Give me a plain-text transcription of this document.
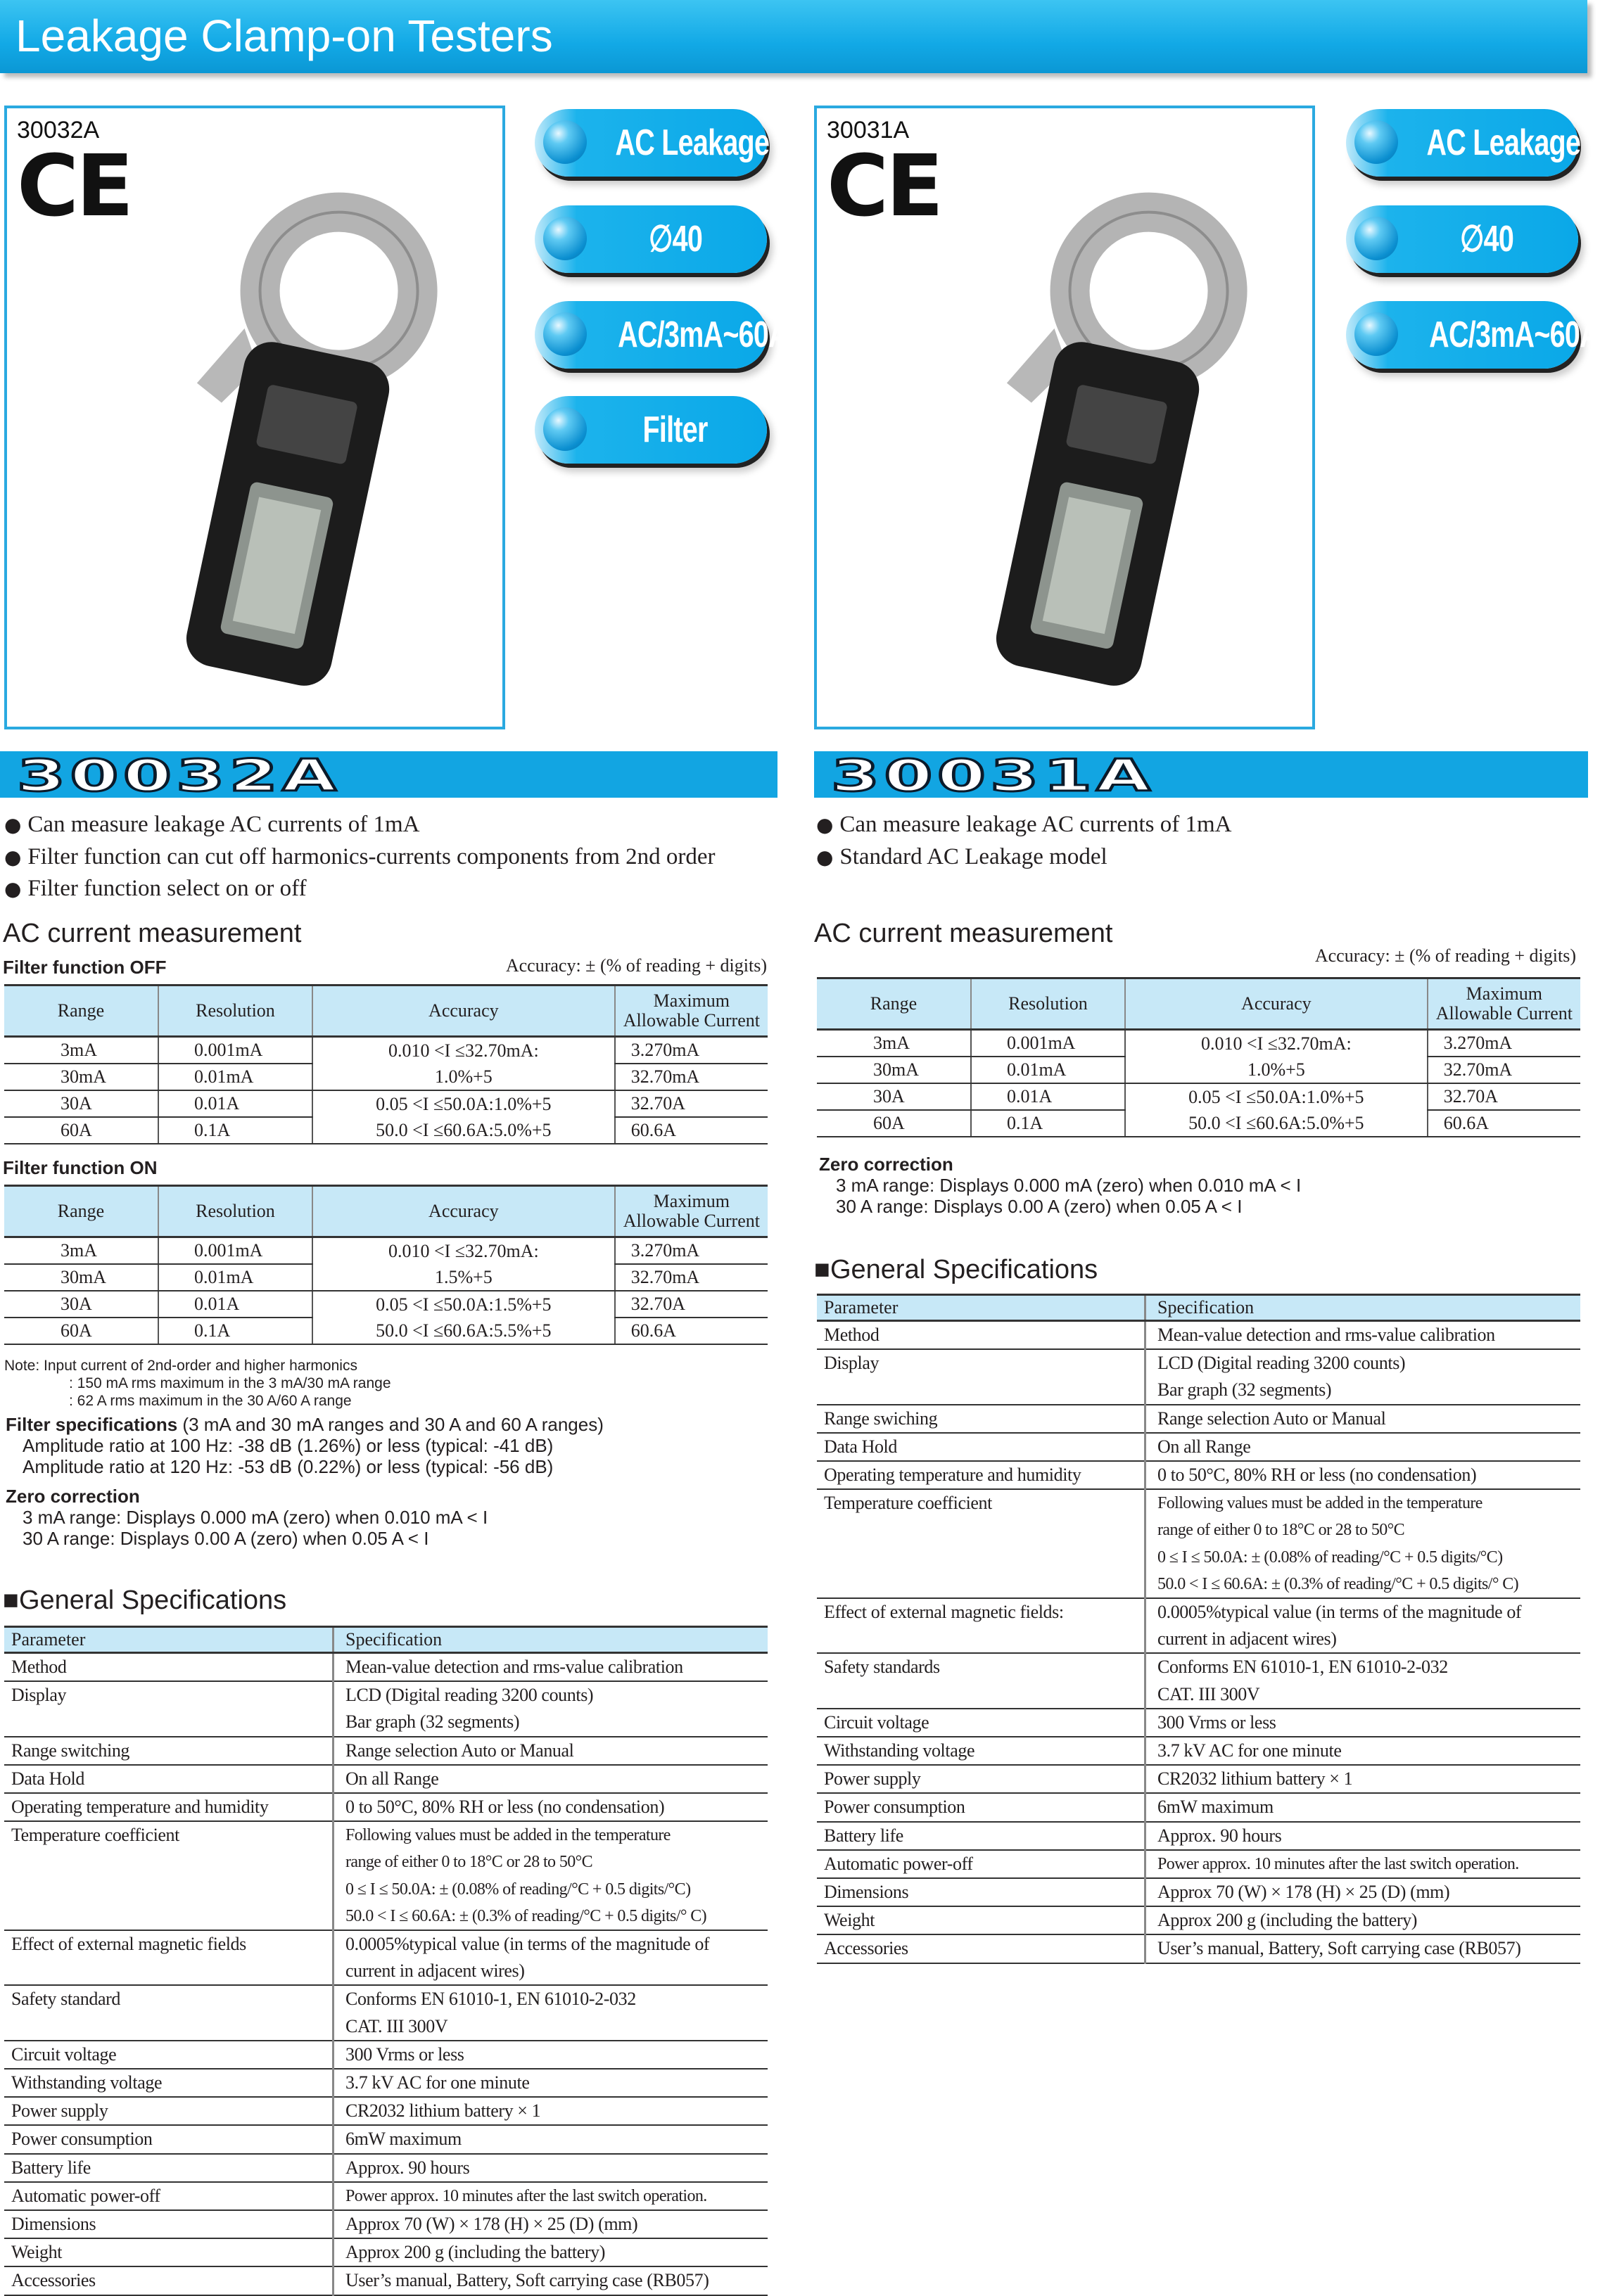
Leakage Clamp-on Testers
30032A
CE
30031A
CE
AC Leakage
∅40
AC/3mA~60A
Filter
AC Leakage
∅40
AC/3mA~60A
30032A	30031A
● Can measure leakage AC currents of 1mA
● Filter function can cut off harmonics-currents components from 2nd order
● Filter function select on or off
● Can measure leakage AC currents of 1mA
● Standard AC Leakage model
AC current measurement
Filter function OFF	Accuracy: ± (% of reading + digits)
Range	Resolution	Accuracy	Maximum Allowable Current
3mA	0.001mA	0.010 <I ≤32.70mA:	3.270mA
30mA	0.01mA	1.0%+5	32.70mA
30A	0.01A	0.05 <I ≤50.0A:1.0%+5	32.70A
60A	0.1A	50.0 <I ≤60.6A:5.0%+5	60.6A
Filter function ON
Range	Resolution	Accuracy	Maximum Allowable Current
3mA	0.001mA	0.010 <I ≤32.70mA:	3.270mA
30mA	0.01mA	1.5%+5	32.70mA
30A	0.01A	0.05 <I ≤50.0A:1.5%+5	32.70A
60A	0.1A	50.0 <I ≤60.6A:5.5%+5	60.6A
Note: Input current of 2nd-order and higher harmonics
: 150 mA rms maximum in the 3 mA/30 mA range
: 62 A rms maximum in the 30 A/60 A range
Filter specifications (3 mA and 30 mA ranges and 30 A and 60 A ranges)
Amplitude ratio at 100 Hz: -38 dB (1.26%) or less (typical: -41 dB)
Amplitude ratio at 120 Hz: -53 dB (0.22%) or less (typical: -56 dB)
Zero correction
3 mA range: Displays 0.000 mA (zero) when 0.010 mA < I
30 A range: Displays 0.00 A (zero) when 0.05 A < I
■General Specifications
Parameter	Specification
Method	Mean-value detection and rms-value calibration

Display	LCD (Digital reading 3200 counts)
Bar graph (32 segments)

Range switching	Range selection Auto or Manual

Data Hold	On all Range

Operating temperature and humidity	0 to 50°C, 80% RH or less (no condensation)

Temperature coefficient	Following values must be added in the temperature
range of either 0 to 18°C or 28 to 50°C
0 ≤ I ≤ 50.0A: ± (0.08% of reading/°C + 0.5 digits/°C)
50.0 < I ≤ 60.6A: ± (0.3% of reading/°C + 0.5 digits/° C)

Effect of external magnetic fields	0.0005%typical value (in terms of the magnitude of
current in adjacent wires)

Safety standard	Conforms EN 61010-1, EN 61010-2-032
CAT. III 300V

Circuit voltage	300 Vrms or less

Withstanding voltage	3.7 kV AC for one minute

Power supply	CR2032 lithium battery × 1

Power consumption	6mW maximum

Battery life	Approx. 90 hours

Automatic power-off	Power approx. 10 minutes after the last switch operation.

Dimensions	Approx 70 (W) × 178 (H) × 25 (D) (mm)

Weight	Approx 200 g (including the battery)

Accessories	User’s manual, Battery, Soft carrying case (RB057)
AC current measurement
Accuracy: ± (% of reading + digits)
Range	Resolution	Accuracy	Maximum Allowable Current
3mA	0.001mA	0.010 <I ≤32.70mA:	3.270mA
30mA	0.01mA	1.0%+5	32.70mA
30A	0.01A	0.05 <I ≤50.0A:1.0%+5	32.70A
60A	0.1A	50.0 <I ≤60.6A:5.0%+5	60.6A
Zero correction
3 mA range: Displays 0.000 mA (zero) when 0.010 mA < I
30 A range: Displays 0.00 A (zero) when 0.05 A < I
■General Specifications
Parameter	Specification
Method	Mean-value detection and rms-value calibration

Display	LCD (Digital reading 3200 counts)
Bar graph (32 segments)

Range swiching	Range selection Auto or Manual

Data Hold	On all Range

Operating temperature and humidity	0 to 50°C, 80% RH or less (no condensation)

Temperature coefficient	Following values must be added in the temperature
range of either 0 to 18°C or 28 to 50°C
0 ≤ I ≤ 50.0A: ± (0.08% of reading/°C + 0.5 digits/°C)
50.0 < I ≤ 60.6A: ± (0.3% of reading/°C + 0.5 digits/° C)

Effect of external magnetic fields:	0.0005%typical value (in terms of the magnitude of
current in adjacent wires)

Safety standards	Conforms EN 61010-1, EN 61010-2-032
CAT. III 300V

Circuit voltage	300 Vrms or less

Withstanding voltage	3.7 kV AC for one minute

Power supply	CR2032 lithium battery × 1

Power consumption	6mW maximum

Battery life	Approx. 90 hours

Automatic power-off	Power approx. 10 minutes after the last switch operation.

Dimensions	Approx 70 (W) × 178 (H) × 25 (D) (mm)

Weight	Approx 200 g (including the battery)

Accessories	User’s manual, Battery, Soft carrying case (RB057)
